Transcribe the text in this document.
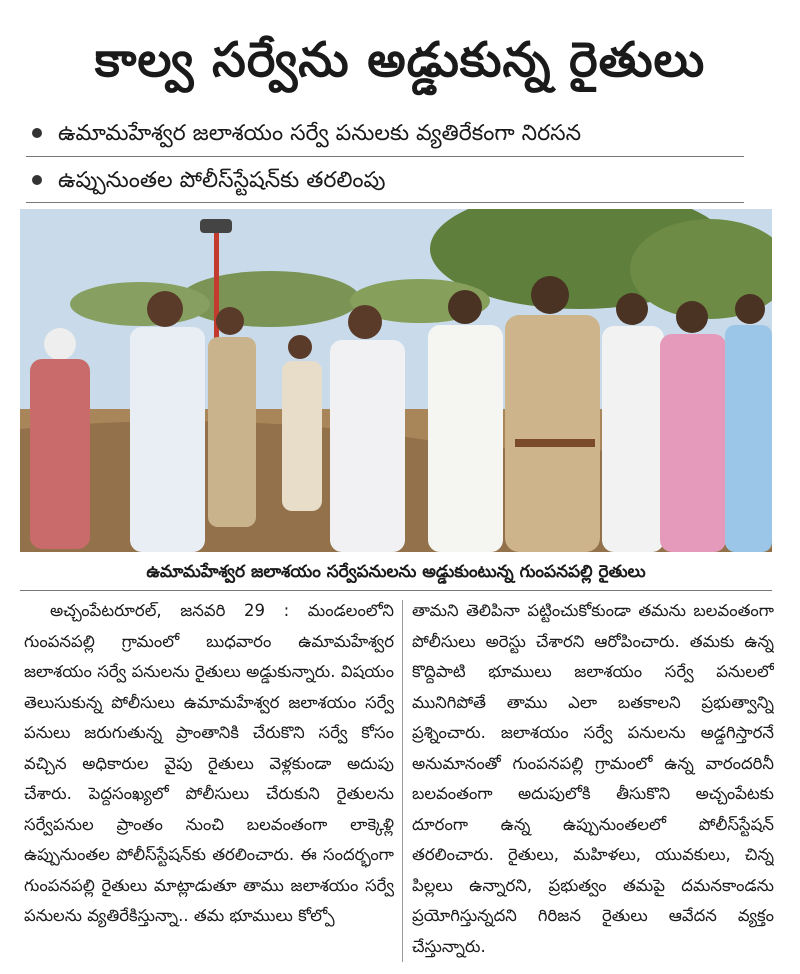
కాల్వ సర్వేను అడ్డుకున్న రైతులు
ఉమామహేశ్వర జలాశయం సర్వే పనులకు వ్యతిరేకంగా నిరసన
ఉప్పునుంతల పోలీస్‌స్టేషన్‌కు తరలింపు
ఉమామహేశ్వర జలాశయం సర్వేపనులను అడ్డుకుంటున్న గుంపనపల్లి రైతులు

అచ్చంపేటరూరల్, జనవరి 29 : మండలంలోని గుంపనపల్లి గ్రామంలో బుధవారం ఉమామహేశ్వర జలాశయం సర్వే పనులను రైతులు అడ్డుకున్నారు. విషయం తెలుసుకున్న పోలీసులు ఉమామహేశ్వర జలాశయం సర్వే పనులు జరుగుతున్న ప్రాంతానికి చేరుకొని సర్వే కోసం వచ్చిన అధికారుల వైపు రైతులు వెళ్లకుండా అదుపు చేశారు. పెద్దసంఖ్యలో పోలీసులు చేరుకుని రైతులను సర్వేపనుల ప్రాంతం నుంచి బలవంతంగా లాక్కెళ్లి ఉప్పునుంతల పోలీస్‌స్టేషన్‌కు తరలించారు. ఈ సందర్భంగా గుంపనపల్లి రైతులు మాట్లాడుతూ తాము జలాశయం సర్వే పనులను వ్యతిరేకిస్తున్నా.. తమ భూములు కోల్పో

తామని తెలిపినా పట్టించుకోకుండా తమను బలవంతంగా పోలీసులు అరెస్టు చేశారని ఆరోపించారు. తమకు ఉన్న కొద్దిపాటి భూములు జలాశయం సర్వే పనులలో మునిగిపోతే తాము ఎలా బతకాలని ప్రభుత్వాన్ని ప్రశ్నించారు. జలాశయం సర్వే పనులను అడ్డగిస్తారనే అనుమానంతో గుంపనపల్లి గ్రామంలో ఉన్న వారందరినీ బలవంతంగా అదుపులోకి తీసుకొని అచ్చంపేటకు దూరంగా ఉన్న ఉప్పునుంతలలో పోలీస్‌స్టేషన్ తరలించారు. రైతులు, మహిళలు, యువకులు, చిన్న పిల్లలు ఉన్నారని, ప్రభుత్వం తమపై దమనకాండను ప్రయోగిస్తున్నదని గిరిజన రైతులు ఆవేదన వ్యక్తం చేస్తున్నారు.
